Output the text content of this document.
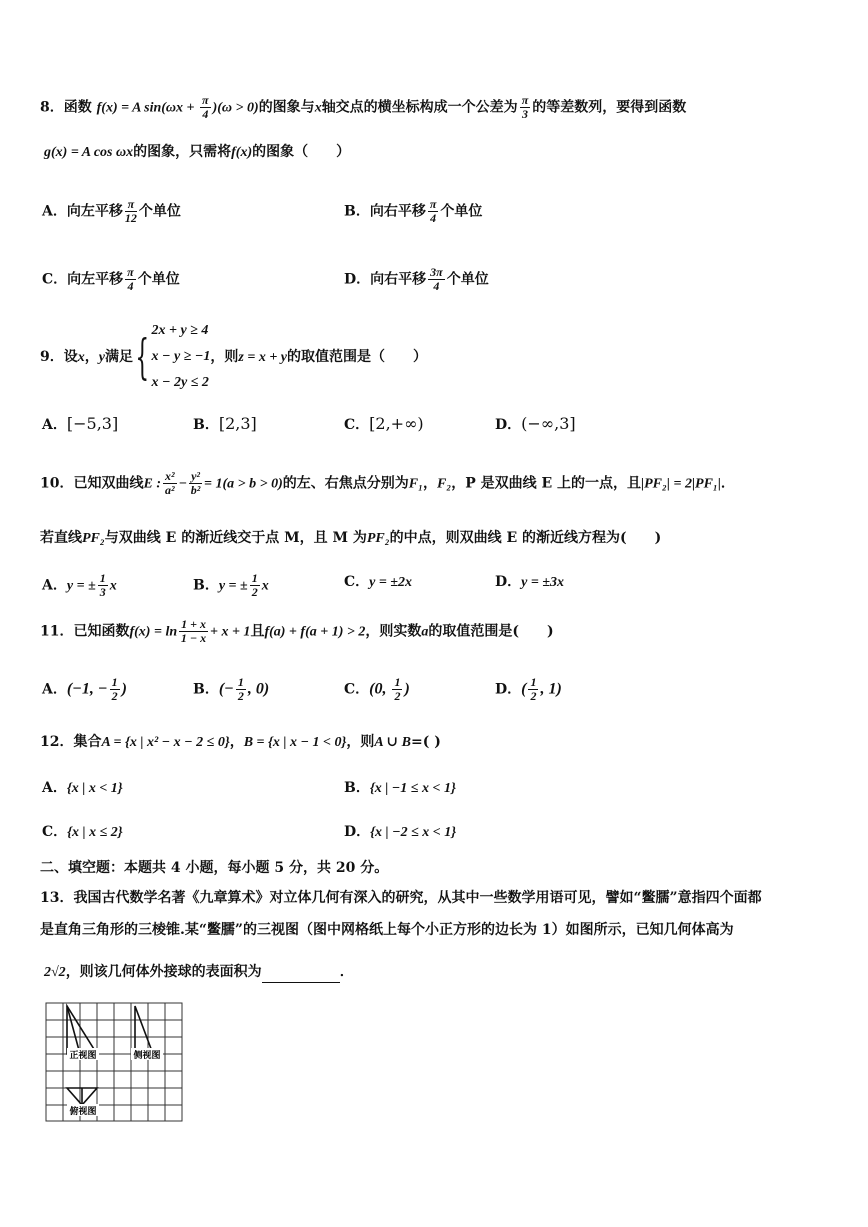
8．函数 f(x) = A $\sin(\omega x + \frac{\pi}{4} )(\omega > 0)$的图象与x轴交点的横坐标构成一个公差为 $\frac{\pi}{3}$ 的等差数列，要得到函数
g(x) = A cos ωx的图象，只需将f(x)的图象（　　）
A．向左平移 $\frac{\pi}{12}$ 个单位	B．向右平移 $\frac{\pi}{4}$ 个单位
C．向左平移 $\frac{\pi}{4}$ 个单位	D．向右平移 $\frac{3\pi}{4}$ 个单位
9．设x，y满足{ 2x + y ≥ 4
x − y ≥ −1
x − 2y ≤ 2
，则z = x + y的取值范围是（　　）
A．[−5,3]	B．[2,3]	C．[2,+∞)	D．(−∞,3]
10．已知双曲线E : $\frac{\text{x²}}{\text{a²}} - \frac{\text{y²}}{\text{b²}} = 1(a > b > 0)$的左、右焦点分别为F₁，F₂，P 是双曲线 E 上的一点，且|PF₂| = 2|PF₁|．
若直线PF₂与双曲线 E 的渐近线交于点 M，且 M 为PF₂的中点，则双曲线 E 的渐近线方程为(　　)
A．y = ± $\frac{1}{3}$ x	B．y = ± $\frac{1}{2}$ x	C．y = ±2x	D．y = ±3x
11．已知函数$f(x) = \ln \frac{1 + x}{1 - x} + x + 1$且f(a) + f(a + 1) > 2，则实数a的取值范围是(　　)
A．(−1, − $\frac{1}{2}$ )	B．(− $\frac{1}{2}$ , 0)	C．(0, $\frac{1}{2}$ )	D．( $\frac{1}{2}$ , 1)
12．集合A = {x | x² − x − 2 ≤ 0}，B = {x | x − 1 < 0}，则A ∪ B=( )
A．{x | x < 1}	B．{x | −1 ≤ x < 1}
C．{x | x ≤ 2}	D．{x | −2 ≤ x < 1}
二、填空题：本题共 4 小题，每小题 5 分，共 20 分。
13．我国古代数学名著《九章算术》对立体几何有深入的研究，从其中一些数学用语可见，譬如“鳖臑”意指四个面都
是直角三角形的三棱锥.某“鳖臑”的三视图（图中网格纸上每个小正方形的边长为 1）如图所示，已知几何体高为
2√2，则该几何体外接球的表面积为	．
正视图	侧视图
俯视图
